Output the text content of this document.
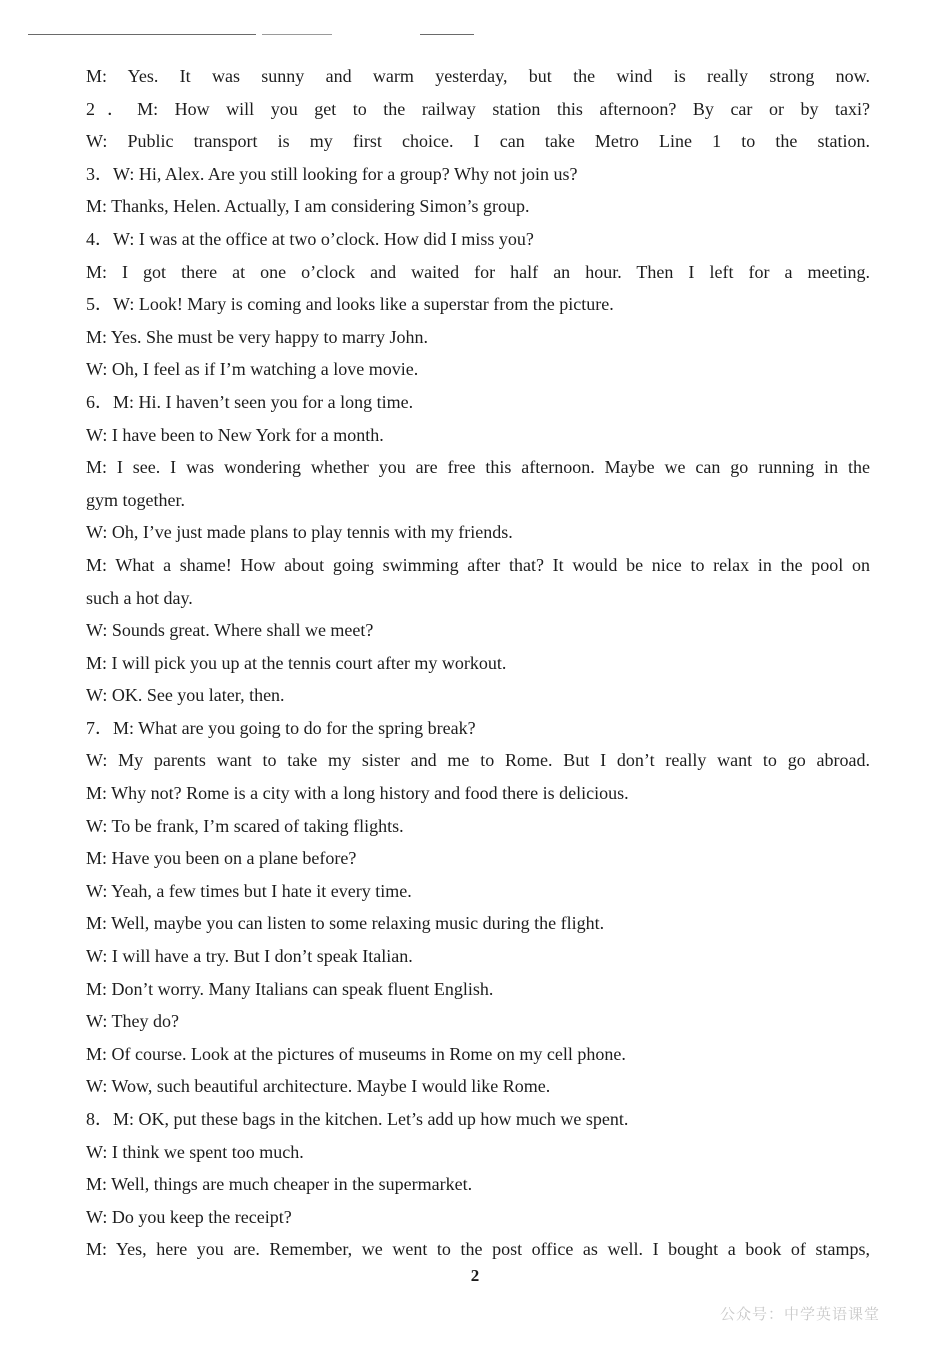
M: Yes. It was sunny and warm yesterday, but the wind is really strong now.
2．M: How will you get to the railway station this afternoon? By car or by taxi?
W: Public transport is my first choice. I can take Metro Line 1 to the station.
3．W: Hi, Alex. Are you still looking for a group? Why not join us?
M: Thanks, Helen. Actually, I am considering Simon’s group.
4．W: I was at the office at two o’clock. How did I miss you?
M: I got there at one o’clock and waited for half an hour. Then I left for a meeting.
5．W: Look! Mary is coming and looks like a superstar from the picture.
M: Yes. She must be very happy to marry John.
W: Oh, I feel as if I’m watching a love movie.
6．M: Hi. I haven’t seen you for a long time.
W: I have been to New York for a month.
M: I see. I was wondering whether you are free this afternoon. Maybe we can go running in the
gym together.
W: Oh, I’ve just made plans to play tennis with my friends.
M: What a shame! How about going swimming after that? It would be nice to relax in the pool on
such a hot day.
W: Sounds great. Where shall we meet?
M: I will pick you up at the tennis court after my workout.
W: OK. See you later, then.
7．M: What are you going to do for the spring break?
W: My parents want to take my sister and me to Rome. But I don’t really want to go abroad.
M: Why not? Rome is a city with a long history and food there is delicious.
W: To be frank, I’m scared of taking flights.
M: Have you been on a plane before?
W: Yeah, a few times but I hate it every time.
M: Well, maybe you can listen to some relaxing music during the flight.
W: I will have a try. But I don’t speak Italian.
M: Don’t worry. Many Italians can speak fluent English.
W: They do?
M: Of course. Look at the pictures of museums in Rome on my cell phone.
W: Wow, such beautiful architecture. Maybe I would like Rome.
8．M: OK, put these bags in the kitchen. Let’s add up how much we spent.
W: I think we spent too much.
M: Well, things are much cheaper in the supermarket.
W: Do you keep the receipt?
M: Yes, here you are. Remember, we went to the post office as well. I bought a book of stamps,
2
公众号：中学英语课堂
